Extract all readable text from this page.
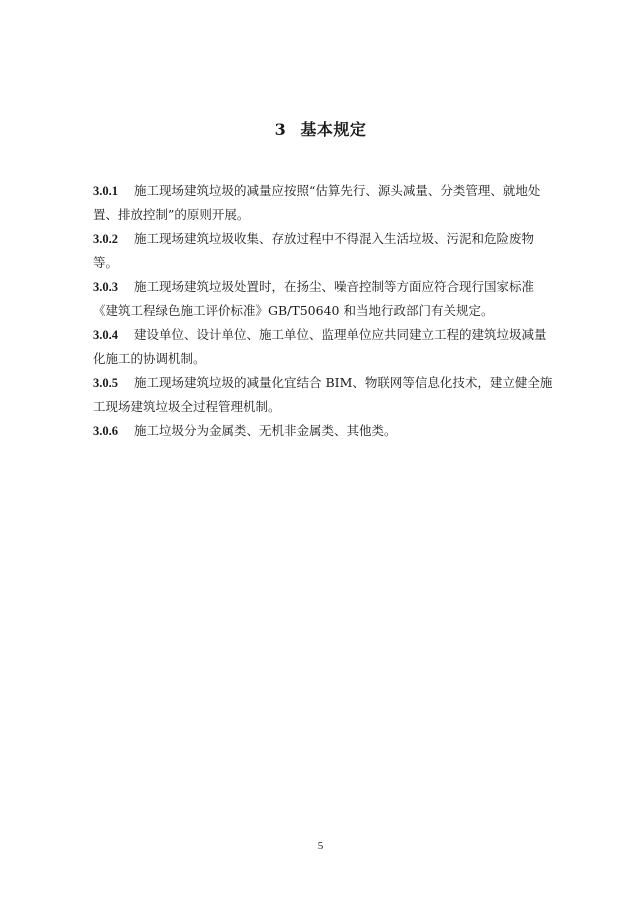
3 基本规定

3.0.1 施工现场建筑垃圾的减量应按照“估算先行、源头减量、分类管理、就地处置、排放控制”的原则开展。

3.0.2 施工现场建筑垃圾收集、存放过程中不得混入生活垃圾、污泥和危险废物等。

3.0.3 施工现场建筑垃圾处置时，在扬尘、噪音控制等方面应符合现行国家标准《建筑工程绿色施工评价标准》GB/T50640 和当地行政部门有关规定。

3.0.4 建设单位、设计单位、施工单位、监理单位应共同建立工程的建筑垃圾减量化施工的协调机制。

3.0.5 施工现场建筑垃圾的减量化宜结合 BIM、物联网等信息化技术，建立健全施工现场建筑垃圾全过程管理机制。

3.0.6 施工垃圾分为金属类、无机非金属类、其他类。

5
